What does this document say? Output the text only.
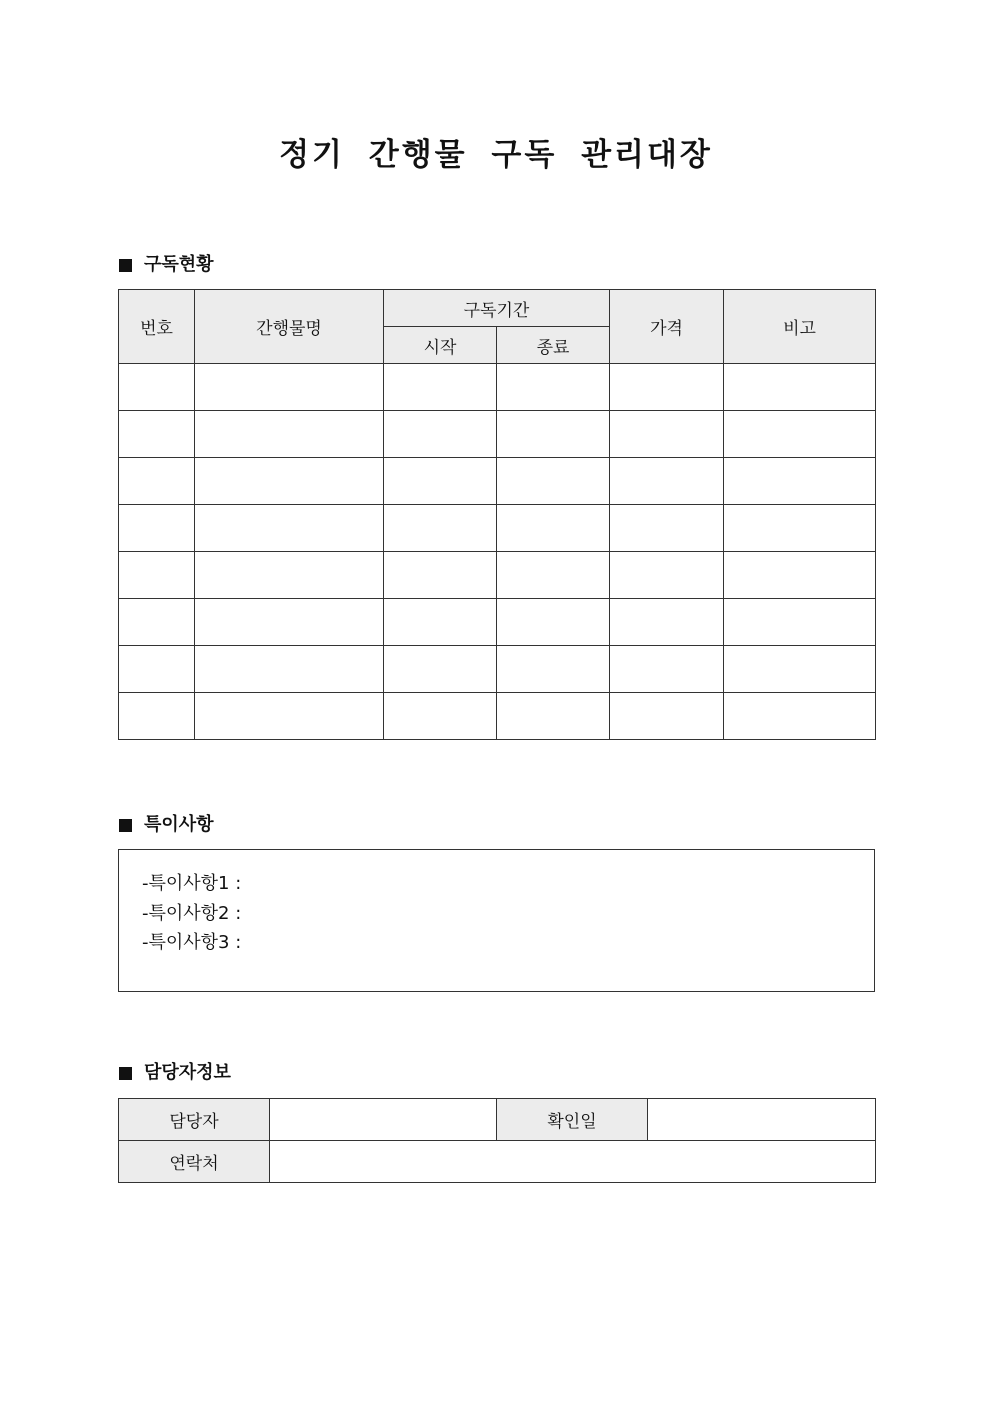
정기 간행물 구독 관리대장
구독현황
번호	간행물명	구독기간		가격	비고
		시작	종료		

특이사항
-특이사항1 :
-특이사항2 :
-특이사항3 :
담당자정보
담당자		확인일	
연락처			
